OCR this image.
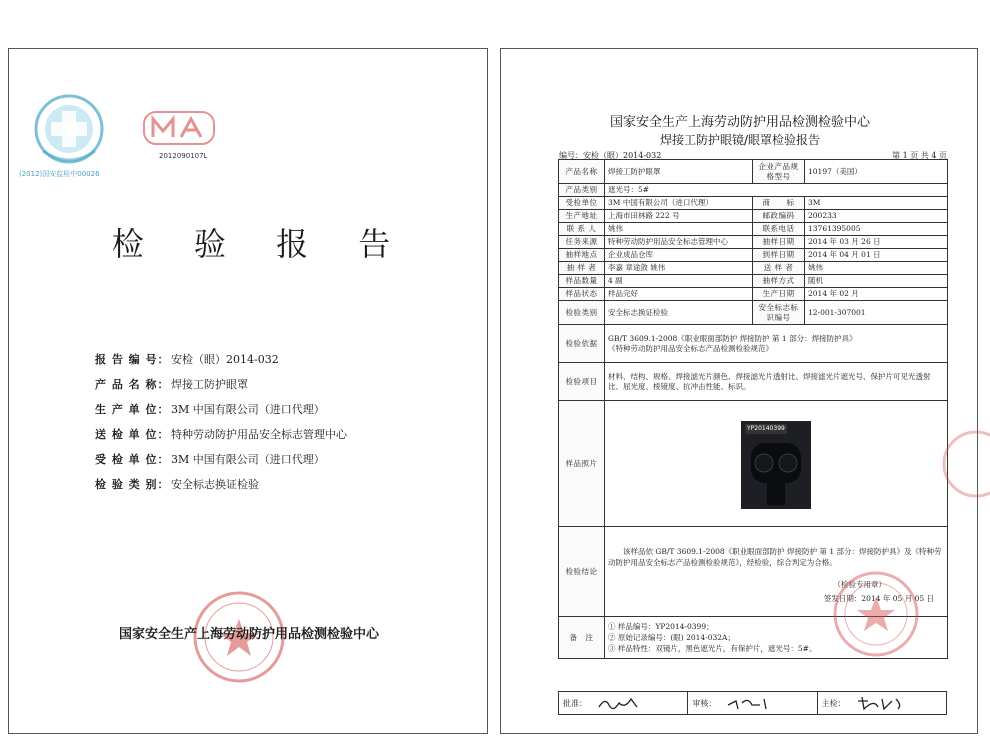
(2012)国安监检中00026
2012090107L
检 验 报 告
报 告 编 号： 安检（眼）2014-032
产 品 名 称： 焊接工防护眼罩
生 产 单 位： 3M 中国有限公司（进口代理）
送 检 单 位： 特种劳动防护用品安全标志管理中心
受 检 单 位： 3M 中国有限公司（进口代理）
检 验 类 别： 安全标志换证检验
国家安全生产上海劳动防护用品检测检验中心
国家安全生产上海劳动防护用品检测检验中心
焊接工防护眼镜/眼罩检验报告
编号：安检（眼）2014-032	第 1 页 共 4 页
产品名称	焊接工防护眼罩	企业产品规格型号	10197（美国）
产品类别	遮光号：5#		
受检单位	3M 中国有限公司（进口代理）	商　　标	3M
生产地址	上海市田林路 222 号	邮政编码	200233
联 系 人	姚伟	联系电话	13761395005
任务来源	特种劳动防护用品安全标志管理中心	抽样日期	2014 年 03 月 26 日
抽样地点	企业成品仓库	到样日期	2014 年 04 月 01 日
抽 样 者	李嘉 章途敛 姚伟	送 样 者	姚伟
样品数量	4 副	抽样方式	随机
样品状态	样品完好	生产日期	2014 年 02 月
检验类别	安全标志换证检验	安全标志标识编号	12-001-307001
检验依据	GB/T 3609.1-2008《职业眼面部防护 焊接防护 第 1 部分：焊接防护具》
《特种劳动防护用品安全标志产品检测检验规范》		

检验项目	材料、结构、规格、焊接滤光片颜色、焊接滤光片透射比、焊接滤光片遮光号、保护片可见光透射比、屈光度、棱镜度、抗冲击性能、标识。		
样品照片	YP20140399		

检验结论	该样品依 GB/T 3609.1-2008《职业眼面部防护 焊接防护 第 1 部分：焊接防护具》及《特种劳动防护用品安全标志产品检测检验规范》，经检验，综合判定为合格。
（检验专用章）
签发日期：2014 年 05 月 05 日		

备　注	① 样品编号：YP2014-0399；
② 原始记录编号：(眼) 2014-032A；
③ 样品特性：双镜片，黑色遮光片，有保护片，遮光号：5#。		
批准：	审核：	主检：
